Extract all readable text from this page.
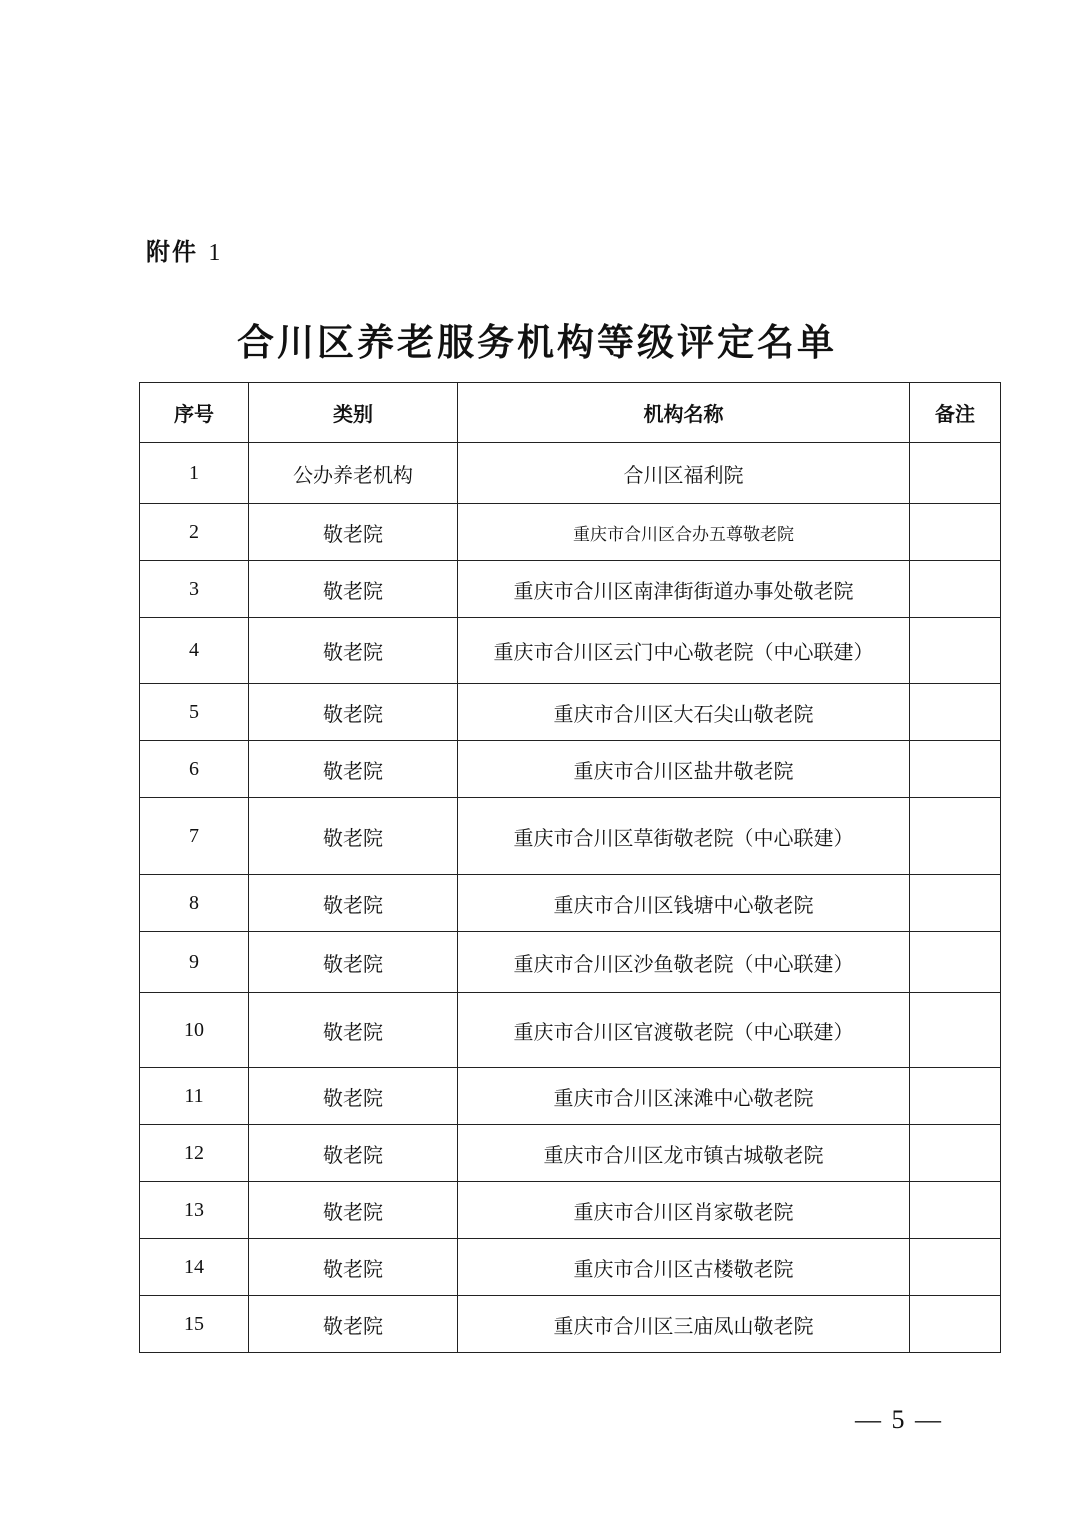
附件 1
合川区养老服务机构等级评定名单
序号	类别	机构名称	备注
1	公办养老机构	合川区福利院	
2	敬老院	重庆市合川区合办五尊敬老院	
3	敬老院	重庆市合川区南津街街道办事处敬老院	
4	敬老院	重庆市合川区云门中心敬老院（中心联建）	
5	敬老院	重庆市合川区大石尖山敬老院	
6	敬老院	重庆市合川区盐井敬老院	
7	敬老院	重庆市合川区草街敬老院（中心联建）	
8	敬老院	重庆市合川区钱塘中心敬老院	
9	敬老院	重庆市合川区沙鱼敬老院（中心联建）	
10	敬老院	重庆市合川区官渡敬老院（中心联建）	
11	敬老院	重庆市合川区涞滩中心敬老院	
12	敬老院	重庆市合川区龙市镇古城敬老院	
13	敬老院	重庆市合川区肖家敬老院	
14	敬老院	重庆市合川区古楼敬老院	
15	敬老院	重庆市合川区三庙凤山敬老院	
— 5 —
